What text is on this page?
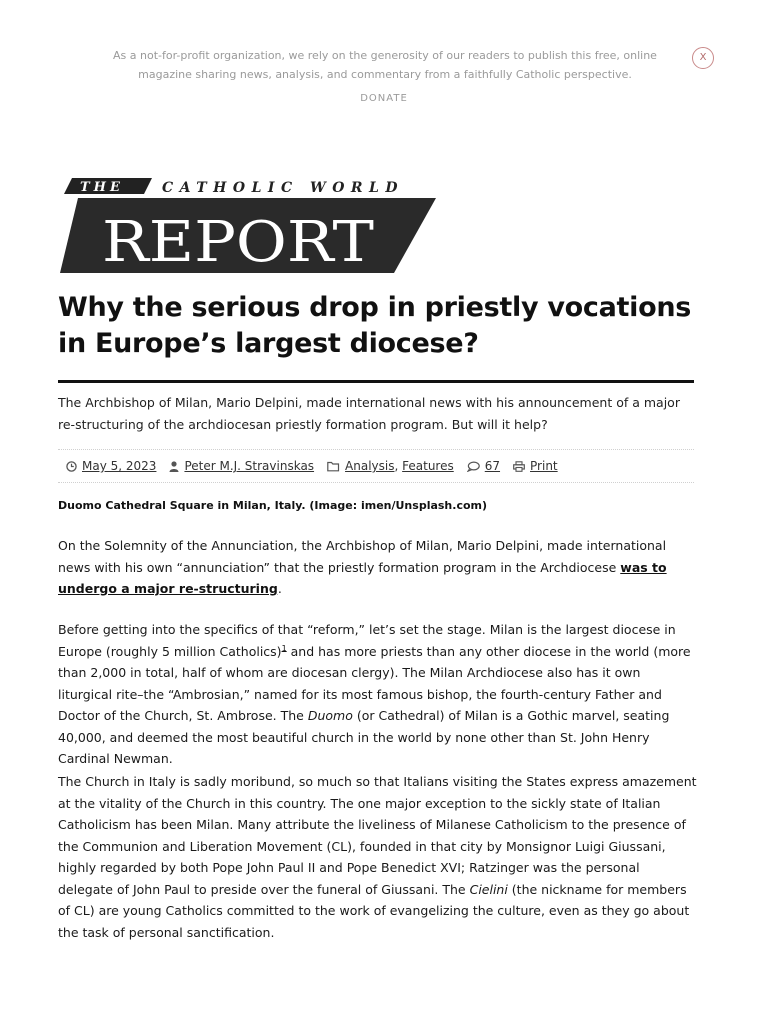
As a not-for-profit organization, we rely on the generosity of our readers to publish this free, online magazine sharing news, analysis, and commentary from a faithfully Catholic perspective.
DONATE
X
THE	CATHOLIC WORLD
REPORT
Why the serious drop in priestly vocations in Europe’s largest diocese?
The Archbishop of Milan, Mario Delpini, made international news with his announcement of a major re-structuring of the archdiocesan priestly formation program. But will it help?
May 5, 2023 Peter M.J. Stravinskas	Analysis , Features	67	Print
Duomo Cathedral Square in Milan, Italy. (Image: imen/Unsplash.com)

On the Solemnity of the Annunciation, the Archbishop of Milan, Mario Delpini, made international news with his own “annunciation” that the priestly formation program in the Archdiocese was to undergo a major re-structuring.

Before getting into the specifics of that “reform,” let’s set the stage. Milan is the largest diocese in Europe (roughly 5 million Catholics)$^1$ and has more priests than any other diocese in the world (more than 2,000 in total, half of whom are diocesan clergy). The Milan Archdiocese also has it own liturgical rite–the “Ambrosian,” named for its most famous bishop, the fourth-century Father and Doctor of the Church, St. Ambrose. The Duomo (or Cathedral) of Milan is a Gothic marvel, seating 40,000, and deemed the most beautiful church in the world by none other than St. John Henry Cardinal Newman.

The Church in Italy is sadly moribund, so much so that Italians visiting the States express amazement at the vitality of the Church in this country. The one major exception to the sickly state of Italian Catholicism has been Milan. Many attribute the liveliness of Milanese Catholicism to the presence of the Communion and Liberation Movement (CL), founded in that city by Monsignor Luigi Giussani, highly regarded by both Pope John Paul II and Pope Benedict XVI; Ratzinger was the personal delegate of John Paul to preside over the funeral of Giussani. The Cielini (the nickname for members of CL) are young Catholics committed to the work of evangelizing the culture, even as they go about the task of personal sanctification.
